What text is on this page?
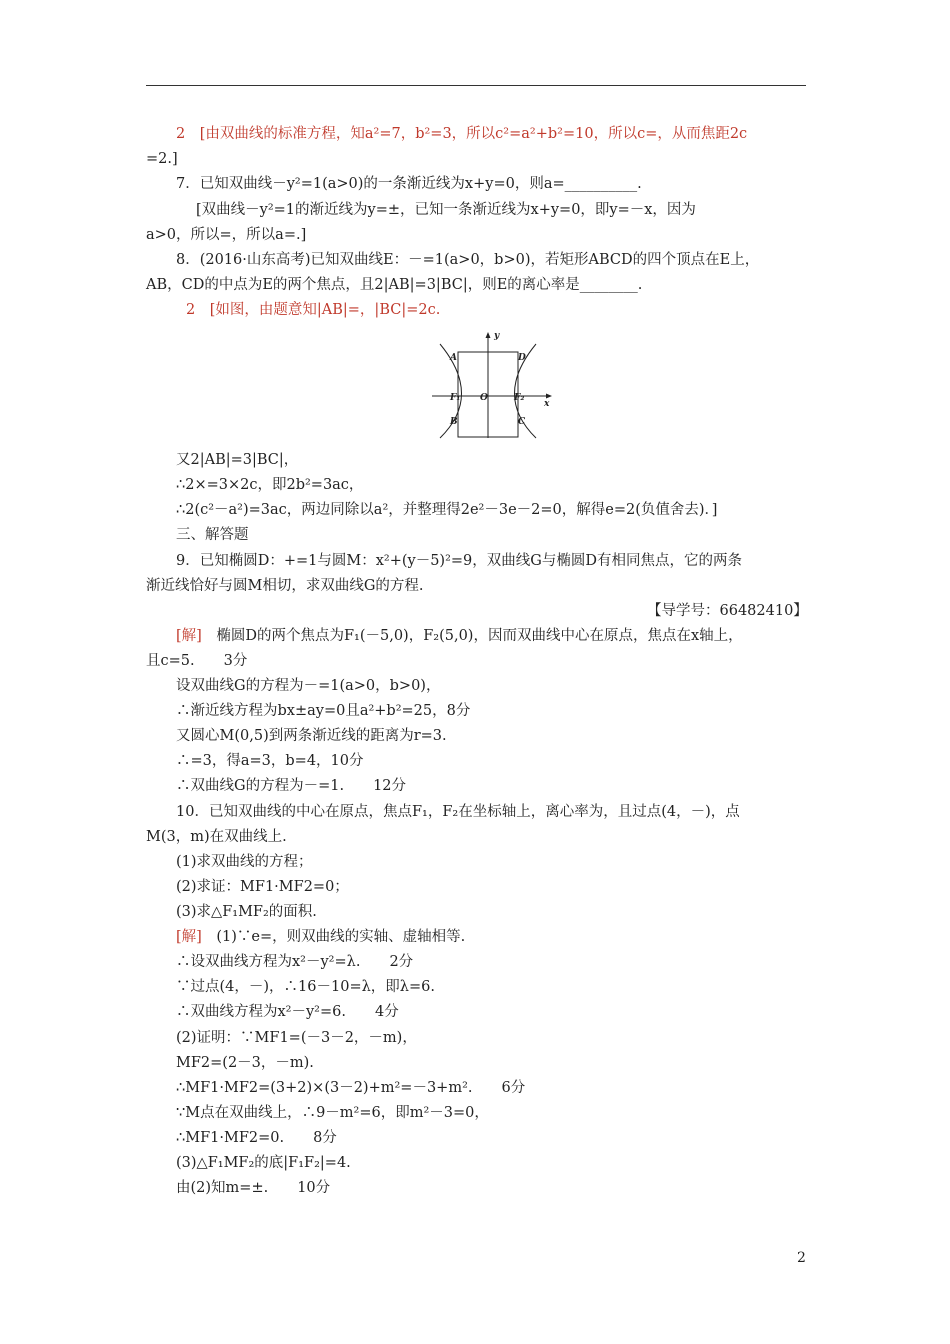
2　[由双曲线的标准方程，知a²=7，b²=3，所以c²=a²+b²=10，所以c=，从而焦距2c
=2.]
7．已知双曲线－y²=1(a>0)的一条渐近线为x+y=0，则a=__________.
[双曲线－y²=1的渐近线为y=±，已知一条渐近线为x+y=0，即y=－x，因为
a>0，所以=，所以a=.]
8．(2016·山东高考)已知双曲线E：－=1(a>0，b>0)，若矩形ABCD的四个顶点在E上，
AB，CD的中点为E的两个焦点，且2|AB|=3|BC|，则E的离心率是________.
2　[如图，由题意知|AB|=，|BC|=2c.
A	D
B	C
F₁	F₂
O
x
y
又2|AB|=3|BC|，
∴2×=3×2c，即2b²=3ac，
∴2(c²－a²)=3ac，两边同除以a²，并整理得2e²－3e－2=0，解得e=2(负值舍去)．]
三、解答题
9．已知椭圆D：+=1与圆M：x²+(y－5)²=9，双曲线G与椭圆D有相同焦点，它的两条
渐近线恰好与圆M相切，求双曲线G的方程.
【导学号：66482410】
[解]　椭圆D的两个焦点为F₁(－5,0)，F₂(5,0)，因而双曲线中心在原点，焦点在x轴上，
且c=5.　　3分
设双曲线G的方程为－=1(a>0，b>0)，
∴渐近线方程为bx±ay=0且a²+b²=25，8分
又圆心M(0,5)到两条渐近线的距离为r=3.
∴=3，得a=3，b=4，10分
∴双曲线G的方程为－=1.　　12分
10．已知双曲线的中心在原点，焦点F₁，F₂在坐标轴上，离心率为，且过点(4，－)，点
M(3，m)在双曲线上.
(1)求双曲线的方程；
(2)求证：MF1·MF2=0；
(3)求△F₁MF₂的面积.
[解]　(1)∵e=，则双曲线的实轴、虚轴相等.
∴设双曲线方程为x²－y²=λ.　　2分
∵过点(4，－)，∴16－10=λ，即λ=6.
∴双曲线方程为x²－y²=6.　　4分
(2)证明：∵MF1=(－3－2，－m)，
MF2=(2－3，－m).
∴MF1·MF2=(3+2)×(3－2)+m²=－3+m².　　6分
∵M点在双曲线上，∴9－m²=6，即m²－3=0，
∴MF1·MF2=0.　　8分
(3)△F₁MF₂的底|F₁F₂|=4.
由(2)知m=±.　　10分
2
